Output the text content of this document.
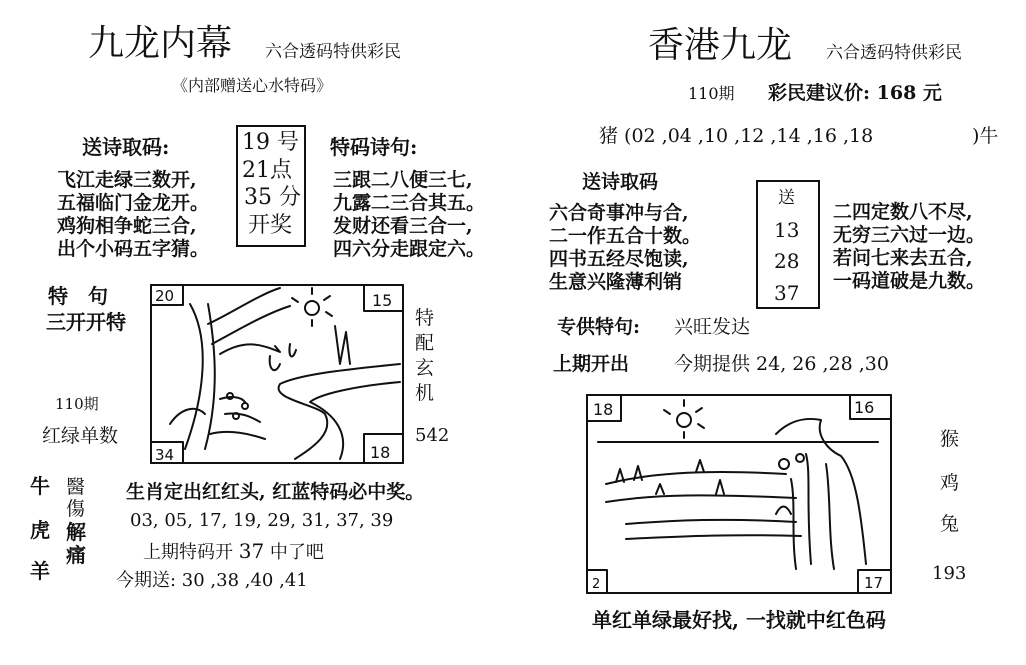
九龙内幕 六合透码特供彩民
《内部赠送心水特码》
送诗取码:
飞江走绿三数开,
五福临门金龙开。
鸡狗相争蛇三合,
出个小码五字猜。
19 号
21点
35 分
开奖
特码诗句:
三跟二八便三七,
九露二三合其五。
发财还看三合一,
四六分走跟定六。
特　句
三开开特
110期
红绿单数
20	15
34	18
特
配
玄
机
542
牛
虎
羊
醫
傷
解
痛
生肖定出红红头, 红蓝特码必中奖。
03, 05, 17, 19, 29, 31, 37, 39
上期特码开 37 中了吧
今期送: 30 ,38 ,40 ,41
香港九龙 六合透码特供彩民
110期 彩民建议价: 168 元
猪 (02 ,04 ,10 ,12 ,14 ,16 ,18	)牛
送诗取码
六合奇事冲与合,
二一作五合十数。
四书五经尽饱读,
生意兴隆薄利销
送
13
28
37
二四定数八不尽,
无穷三六过一边。
若问七来去五合,
一码道破是九数。
专供特句: 兴旺发达
上期开出 今期提供 24, 26 ,28 ,30
18	16
2	17
猴
鸡
兔
193
单红单绿最好找, 一找就中红色码
